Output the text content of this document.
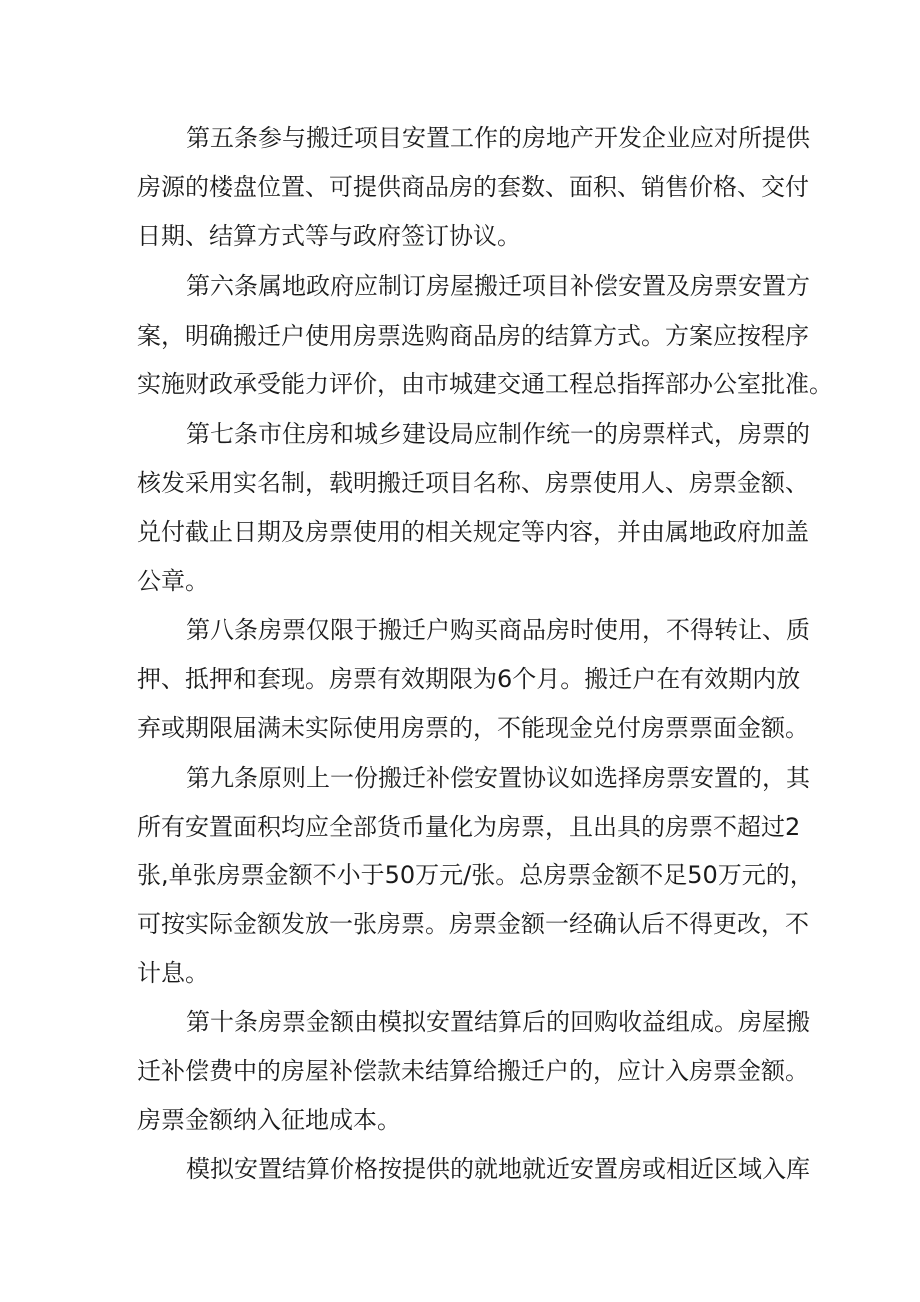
第五条参与搬迁项目安置工作的房地产开发企业应对所提供
房源的楼盘位置、可提供商品房的套数、面积、销售价格、交付
日期、结算方式等与政府签订协议。
第六条属地政府应制订房屋搬迁项目补偿安置及房票安置方
案，明确搬迁户使用房票选购商品房的结算方式。方案应按程序
实施财政承受能力评价，由市城建交通工程总指挥部办公室批准。
第七条市住房和城乡建设局应制作统一的房票样式，房票的
核发采用实名制，载明搬迁项目名称、房票使用人、房票金额、
兑付截止日期及房票使用的相关规定等内容，并由属地政府加盖
公章。
第八条房票仅限于搬迁户购买商品房时使用，不得转让、质
押、抵押和套现。房票有效期限为6个月。搬迁户在有效期内放
弃或期限届满未实际使用房票的，不能现金兑付房票票面金额。
第九条原则上一份搬迁补偿安置协议如选择房票安置的，其
所有安置面积均应全部货币量化为房票，且出具的房票不超过2
张,单张房票金额不小于50万元/张。总房票金额不足50万元的，
可按实际金额发放一张房票。房票金额一经确认后不得更改，不
计息。
第十条房票金额由模拟安置结算后的回购收益组成。房屋搬
迁补偿费中的房屋补偿款未结算给搬迁户的，应计入房票金额。
房票金额纳入征地成本。
模拟安置结算价格按提供的就地就近安置房或相近区域入库
